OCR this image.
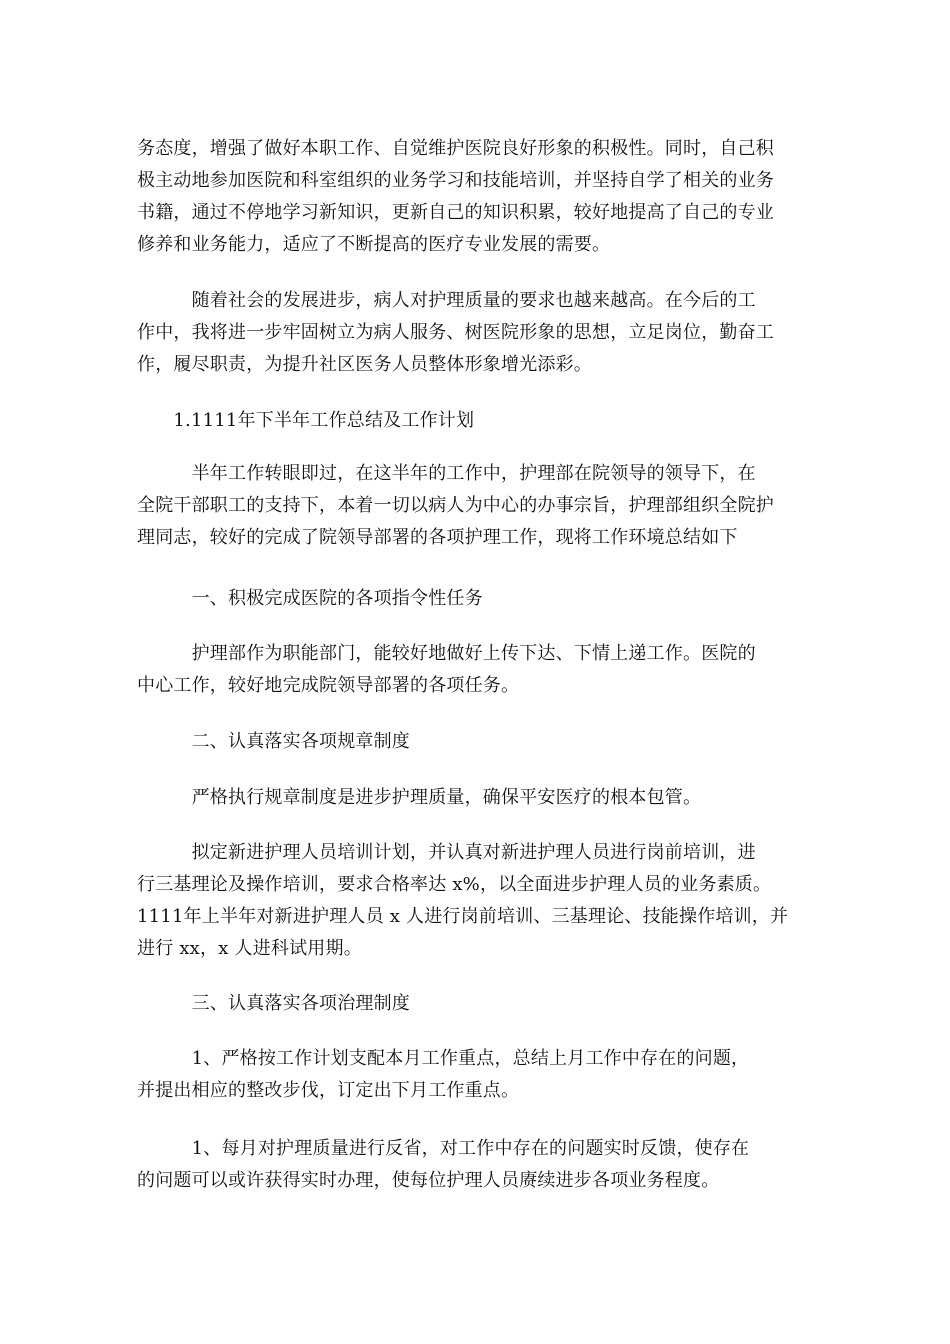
务态度，增强了做好本职工作、自觉维护医院良好形象的积极性。同时，自己积
极主动地参加医院和科室组织的业务学习和技能培训，并坚持自学了相关的业务
书籍，通过不停地学习新知识，更新自己的知识积累，较好地提高了自己的专业
修养和业务能力，适应了不断提高的医疗专业发展的需要。
　　　随着社会的发展进步，病人对护理质量的要求也越来越高。在今后的工
作中，我将进一步牢固树立为病人服务、树医院形象的思想，立足岗位，勤奋工
作，履尽职责，为提升社区医务人员整体形象增光添彩。
　　1.1111年下半年工作总结及工作计划
　　　半年工作转眼即过，在这半年的工作中，护理部在院领导的领导下，在
全院干部职工的支持下，本着一切以病人为中心的办事宗旨，护理部组织全院护
理同志，较好的完成了院领导部署的各项护理工作，现将工作环境总结如下
　　　一、积极完成医院的各项指令性任务
　　　护理部作为职能部门，能较好地做好上传下达、下情上递工作。医院的
中心工作，较好地完成院领导部署的各项任务。
　　　二、认真落实各项规章制度
　　　严格执行规章制度是进步护理质量，确保平安医疗的根本包管。
　　　拟定新进护理人员培训计划，并认真对新进护理人员进行岗前培训，进
行三基理论及操作培训，要求合格率达 x%，以全面进步护理人员的业务素质。
1111年上半年对新进护理人员 x 人进行岗前培训、三基理论、技能操作培训，并
进行 xx，x 人进科试用期。
　　　三、认真落实各项治理制度
　　　1、严格按工作计划支配本月工作重点，总结上月工作中存在的问题，
并提出相应的整改步伐，订定出下月工作重点。
　　　1、每月对护理质量进行反省，对工作中存在的问题实时反馈，使存在
的问题可以或许获得实时办理，使每位护理人员赓续进步各项业务程度。
